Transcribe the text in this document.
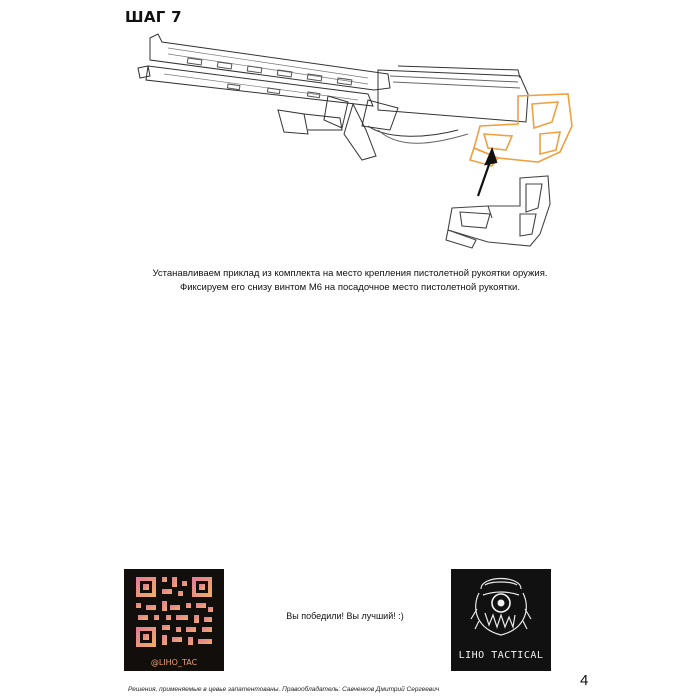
ШАГ 7
Устанавливаем приклад из комплекта на место крепления пистолетной рукоятки оружия.
Фиксируем его снизу винтом М6 на посадочное место пистолетной рукоятки.
@LIHO_TAC
Вы победили! Вы лучший! :)
LIHO TACTICAL
4
Решения, применяемые в цевье запатентованы. Правообладатель: Савченков Дмитрий Сергеевич
